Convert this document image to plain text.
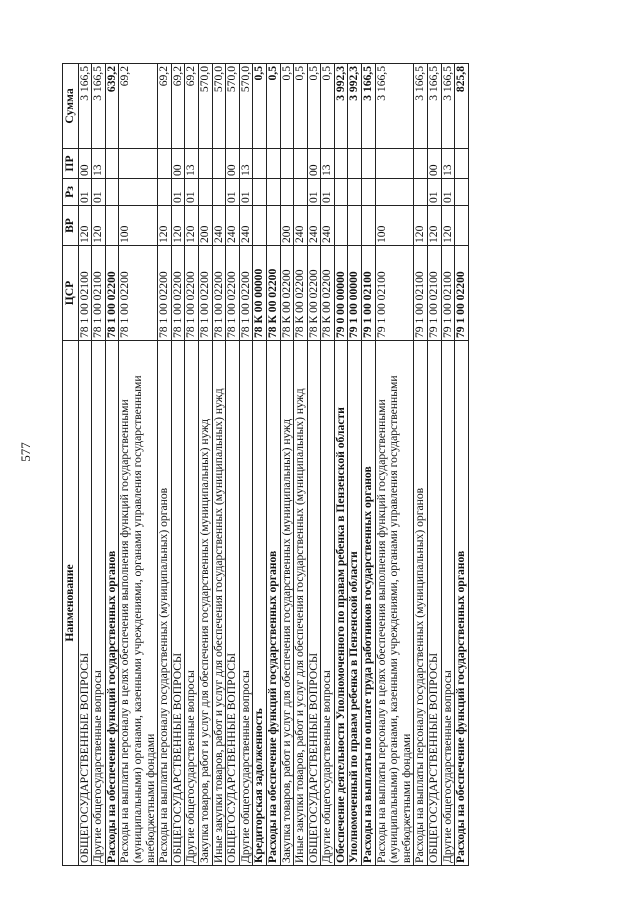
577
Наименование	ЦСР	ВР	Рз	ПР	Сумма
ОБЩЕГОСУДАРСТВЕННЫЕ ВОПРОСЫ	78 1 00 02100	120	01	00	3 166,5
Другие общегосударственные вопросы	78 1 00 02100	120	01	13	3 166,5
Расходы на обеспечение функций государственных органов	78 1 00 02200				639,2
Расходы на выплаты персоналу в целях обеспечения выполнения функций государственными (муниципальными) органами, казенными учреждениями, органами управления государственными внебюджетными фондами	78 1 00 02200	100			69,2
Расходы на выплаты персоналу государственных (муниципальных) органов	78 1 00 02200	120			69,2
ОБЩЕГОСУДАРСТВЕННЫЕ ВОПРОСЫ	78 1 00 02200	120	01	00	69,2
Другие общегосударственные вопросы	78 1 00 02200	120	01	13	69,2
Закупка товаров, работ и услуг для обеспечения государственных (муниципальных) нужд	78 1 00 02200	200			570,0
Иные закупки товаров, работ и услуг для обеспечения государственных (муниципальных) нужд	78 1 00 02200	240			570,0
ОБЩЕГОСУДАРСТВЕННЫЕ ВОПРОСЫ	78 1 00 02200	240	01	00	570,0
Другие общегосударственные вопросы	78 1 00 02200	240	01	13	570,0
Кредиторская задолженность	78 К 00 00000				0,5
Расходы на обеспечение функций государственных органов	78 К 00 02200				0,5
Закупка товаров, работ и услуг для обеспечения государственных (муниципальных) нужд	78 К 00 02200	200			0,5
Иные закупки товаров, работ и услуг для обеспечения государственных (муниципальных) нужд	78 К 00 02200	240			0,5
ОБЩЕГОСУДАРСТВЕННЫЕ ВОПРОСЫ	78 К 00 02200	240	01	00	0,5
Другие общегосударственные вопросы	78 К 00 02200	240	01	13	0,5
Обеспечение деятельности Уполномоченного по правам ребенка в Пензенской области	79 0 00 00000				3 992,3
Уполномоченный по правам ребенка в Пензенской области	79 1 00 00000				3 992,3
Расходы на выплаты по оплате труда работников государственных органов	79 1 00 02100				3 166,5
Расходы на выплаты персоналу в целях обеспечения выполнения функций государственными (муниципальными) органами, казенными учреждениями, органами управления государственными внебюджетными фондами	79 1 00 02100	100			3 166,5
Расходы на выплаты персоналу государственных (муниципальных) органов	79 1 00 02100	120			3 166,5
ОБЩЕГОСУДАРСТВЕННЫЕ ВОПРОСЫ	79 1 00 02100	120	01	00	3 166,5
Другие общегосударственные вопросы	79 1 00 02100	120	01	13	3 166,5
Расходы на обеспечение функций государственных органов	79 1 00 02200				825,8
